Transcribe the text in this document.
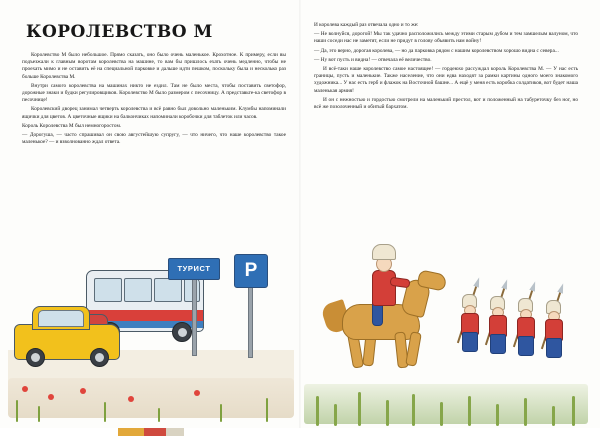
КОРОЛЕВСТВО M

Королевство М было небольшое. Прямо сказать, оно было очень маленькое. Крохотное. К примеру, если вы подъезжали к главным воротам королевства на машине, то вам бы пришлось ехать очень медленно, чтобы не проехать мимо и не оставить её на специальной парковке и дальше идти пешком, поскольку была и несколько раз больше Королевства М.

Внутри самого королевства на машинах никто не ездил. Там не было места, чтобы поставить светофор, дорожные знаки и будки регулировщиков. Королевство М было размером с песочницу. А представьте-ка светофор в песочнице!

Королевский дворец занимал четверть королевства и всё равно был довольно маленьким. Клумбы напоминали ящички для цветов. А цветочные ящики на балкончиках напоминали коробочки для таблеток или часов.

Король Королевства М был немногоростом.

— Дорогуша, — часто спрашивал он свою августейшую супругу, — что ничего, что наше королевство такое маленькое? — и взволнованно ждал ответа.

И королева каждый раз отвечала одно и то же:

— Не волнуйся, дорогой! Мы так удачно расположились между этими старым дубом и тем замшелым валуном, что наши соседи нас не заметят, если не придут в голову объявить нам войну!

— Да, это верно, дорогая королева, — но да парковка рядом с нашим королевством хорошо видна с севера...

— Ну вот пусть и видна! — отвечала её величество.

И всё-таки наше королевство самое настоящее! — гордеюхо рассуждал король Королевства М. — У нас есть границы, пусть и маленькие. Также население, что они едва находят за рамки картины одного моего знакомого художника... У нас есть герб и флажок на Восточной башне... А ещё у меня есть коробка солдатиков, вот будет наша маленькая армия!

И он с нежностью и гордостью смотрели на маленький престол, вот и положенный на табуреточку без ног, но всё же позолоченный и обитый бархатом.

ТУРИСТ	P
